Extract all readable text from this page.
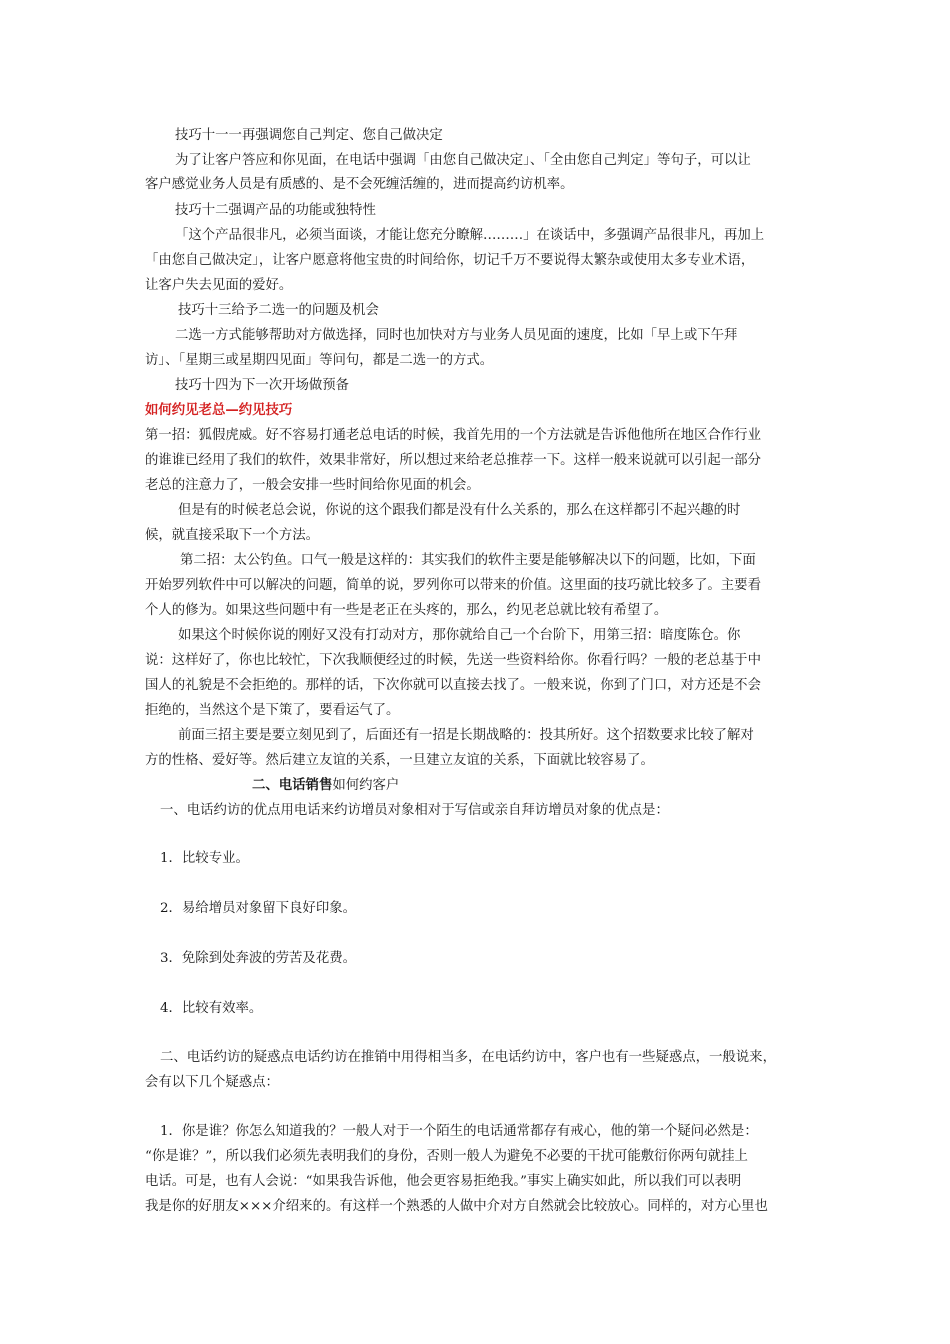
技巧十一一再强调您自己判定、您自己做决定
为了让客户答应和你见面，在电话中强调「由您自己做决定」、「全由您自己判定」等句子，可以让
客户感觉业务人员是有质感的、是不会死缠活缠的，进而提高约访机率。
技巧十二强调产品的功能或独特性
「这个产品很非凡，必须当面谈，才能让您充分瞭解………」在谈话中，多强调产品很非凡，再加上
「由您自己做决定」，让客户愿意将他宝贵的时间给你，切记千万不要说得太繁杂或使用太多专业术语，
让客户失去见面的爱好。
技巧十三给予二选一的问题及机会
二选一方式能够帮助对方做选择，同时也加快对方与业务人员见面的速度，比如「早上或下午拜
访」、「星期三或星期四见面」等问句，都是二选一的方式。
技巧十四为下一次开场做预备
如何约见老总—约见技巧
第一招：狐假虎威。好不容易打通老总电话的时候，我首先用的一个方法就是告诉他他所在地区合作行业
的谁谁已经用了我们的软件，效果非常好，所以想过来给老总推荐一下。这样一般来说就可以引起一部分
老总的注意力了，一般会安排一些时间给你见面的机会。
但是有的时候老总会说，你说的这个跟我们都是没有什么关系的，那么在这样都引不起兴趣的时
候，就直接采取下一个方法。
第二招：太公钓鱼。口气一般是这样的：其实我们的软件主要是能够解决以下的问题，比如，下面
开始罗列软件中可以解决的问题，简单的说，罗列你可以带来的价值。这里面的技巧就比较多了。主要看
个人的修为。如果这些问题中有一些是老正在头疼的，那么，约见老总就比较有希望了。
如果这个时候你说的刚好又没有打动对方，那你就给自己一个台阶下，用第三招：暗度陈仓。你
说：这样好了，你也比较忙，下次我顺便经过的时候，先送一些资料给你。你看行吗？一般的老总基于中
国人的礼貌是不会拒绝的。那样的话，下次你就可以直接去找了。一般来说，你到了门口，对方还是不会
拒绝的，当然这个是下策了，要看运气了。
前面三招主要是要立刻见到了，后面还有一招是长期战略的：投其所好。这个招数要求比较了解对
方的性格、爱好等。然后建立友谊的关系，一旦建立友谊的关系，下面就比较容易了。
二、电话销售如何约客户
一、电话约访的优点用电话来约访增员对象相对于写信或亲自拜访增员对象的优点是：
1．比较专业。
2．易给增员对象留下良好印象。
3．免除到处奔波的劳苦及花费。
4．比较有效率。
二、电话约访的疑惑点电话约访在推销中用得相当多，在电话约访中，客户也有一些疑惑点，一般说来，
会有以下几个疑惑点：
1．你是谁？你怎么知道我的？一般人对于一个陌生的电话通常都存有戒心，他的第一个疑问必然是：
“你是谁？”，所以我们必须先表明我们的身份，否则一般人为避免不必要的干扰可能敷衍你两句就挂上
电话。可是，也有人会说：“如果我告诉他，他会更容易拒绝我。”事实上确实如此，所以我们可以表明
我是你的好朋友×××介绍来的。有这样一个熟悉的人做中介对方自然就会比较放心。同样的，对方心里也
